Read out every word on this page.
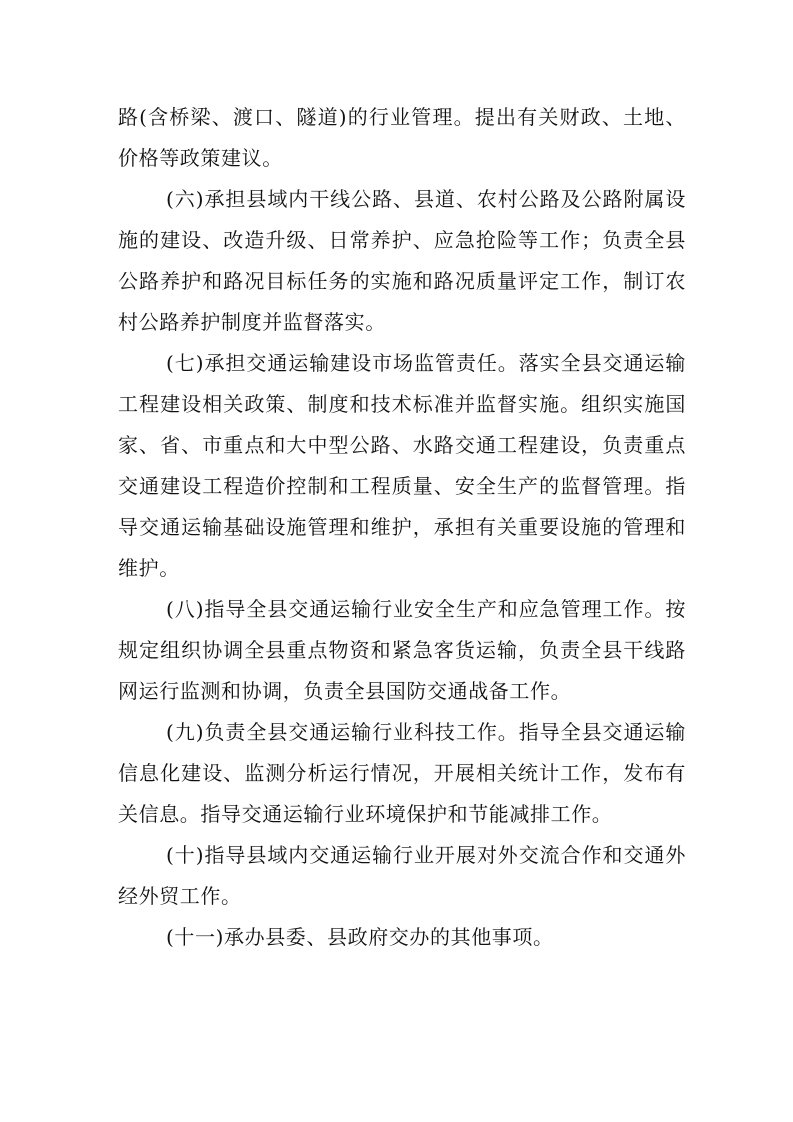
路(含桥梁、渡口、隧道)的行业管理。提出有关财政、土地、价格等政策建议。

(六)承担县域内干线公路、县道、农村公路及公路附属设施的建设、改造升级、日常养护、应急抢险等工作；负责全县公路养护和路况目标任务的实施和路况质量评定工作，制订农村公路养护制度并监督落实。

(七)承担交通运输建设市场监管责任。落实全县交通运输工程建设相关政策、制度和技术标准并监督实施。组织实施国家、省、市重点和大中型公路、水路交通工程建设，负责重点交通建设工程造价控制和工程质量、安全生产的监督管理。指导交通运输基础设施管理和维护，承担有关重要设施的管理和维护。

(八)指导全县交通运输行业安全生产和应急管理工作。按规定组织协调全县重点物资和紧急客货运输，负责全县干线路网运行监测和协调，负责全县国防交通战备工作。

(九)负责全县交通运输行业科技工作。指导全县交通运输信息化建设、监测分析运行情况，开展相关统计工作，发布有关信息。指导交通运输行业环境保护和节能减排工作。

(十)指导县域内交通运输行业开展对外交流合作和交通外经外贸工作。

(十一)承办县委、县政府交办的其他事项。
